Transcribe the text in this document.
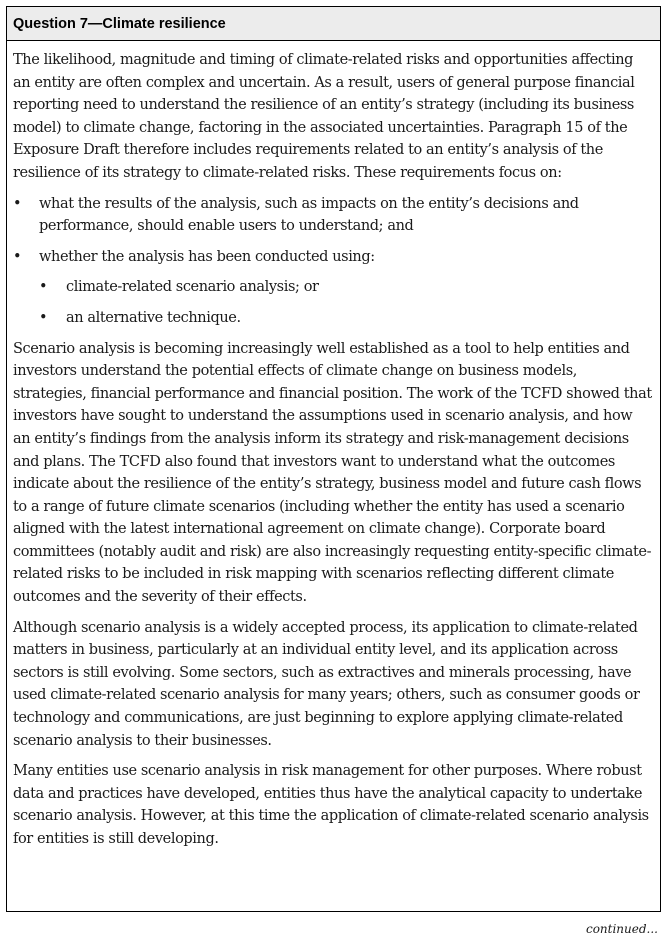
Question 7—Climate resilience

The likelihood, magnitude and timing of climate-related risks and opportunities affecting an entity are often complex and uncertain. As a result, users of general purpose financial reporting need to understand the resilience of an entity’s strategy (including its business model) to climate change, factoring in the associated uncertainties. Paragraph 15 of the Exposure Draft therefore includes requirements related to an entity’s analysis of the resilience of its strategy to climate-related risks. These requirements focus on:

• what the results of the analysis, such as impacts on the entity’s decisions and performance, should enable users to understand; and
• whether the analysis has been conducted using:
• climate-related scenario analysis; or
• an alternative technique.

Scenario analysis is becoming increasingly well established as a tool to help entities and investors understand the potential effects of climate change on business models, strategies, financial performance and financial position. The work of the TCFD showed that investors have sought to understand the assumptions used in scenario analysis, and how an entity’s findings from the analysis inform its strategy and risk-management decisions and plans. The TCFD also found that investors want to understand what the outcomes indicate about the resilience of the entity’s strategy, business model and future cash flows to a range of future climate scenarios (including whether the entity has used a scenario aligned with the latest international agreement on climate change). Corporate board committees (notably audit and risk) are also increasingly requesting entity-specific climate-related risks to be included in risk mapping with scenarios reflecting different climate outcomes and the severity of their effects.

Although scenario analysis is a widely accepted process, its application to climate-related matters in business, particularly at an individual entity level, and its application across sectors is still evolving. Some sectors, such as extractives and minerals processing, have used climate-related scenario analysis for many years; others, such as consumer goods or technology and communications, are just beginning to explore applying climate-related scenario analysis to their businesses.

Many entities use scenario analysis in risk management for other purposes. Where robust data and practices have developed, entities thus have the analytical capacity to undertake scenario analysis. However, at this time the application of climate-related scenario analysis for entities is still developing.

continued...
